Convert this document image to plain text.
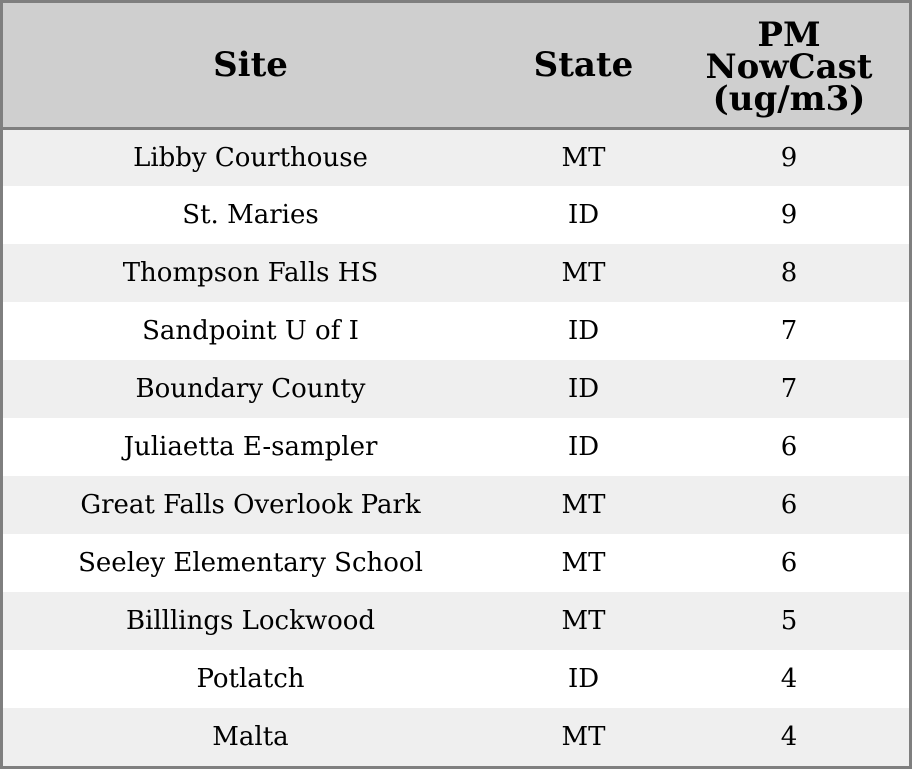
Site	State	PM
NowCast
(ug/m3)

Libby Courthouse	MT	9
St. Maries	ID	9
Thompson Falls HS	MT	8
Sandpoint U of I	ID	7
Boundary County	ID	7
Juliaetta E-sampler	ID	6
Great Falls Overlook Park	MT	6
Seeley Elementary School	MT	6
Billlings Lockwood	MT	5
Potlatch	ID	4
Malta	MT	4
